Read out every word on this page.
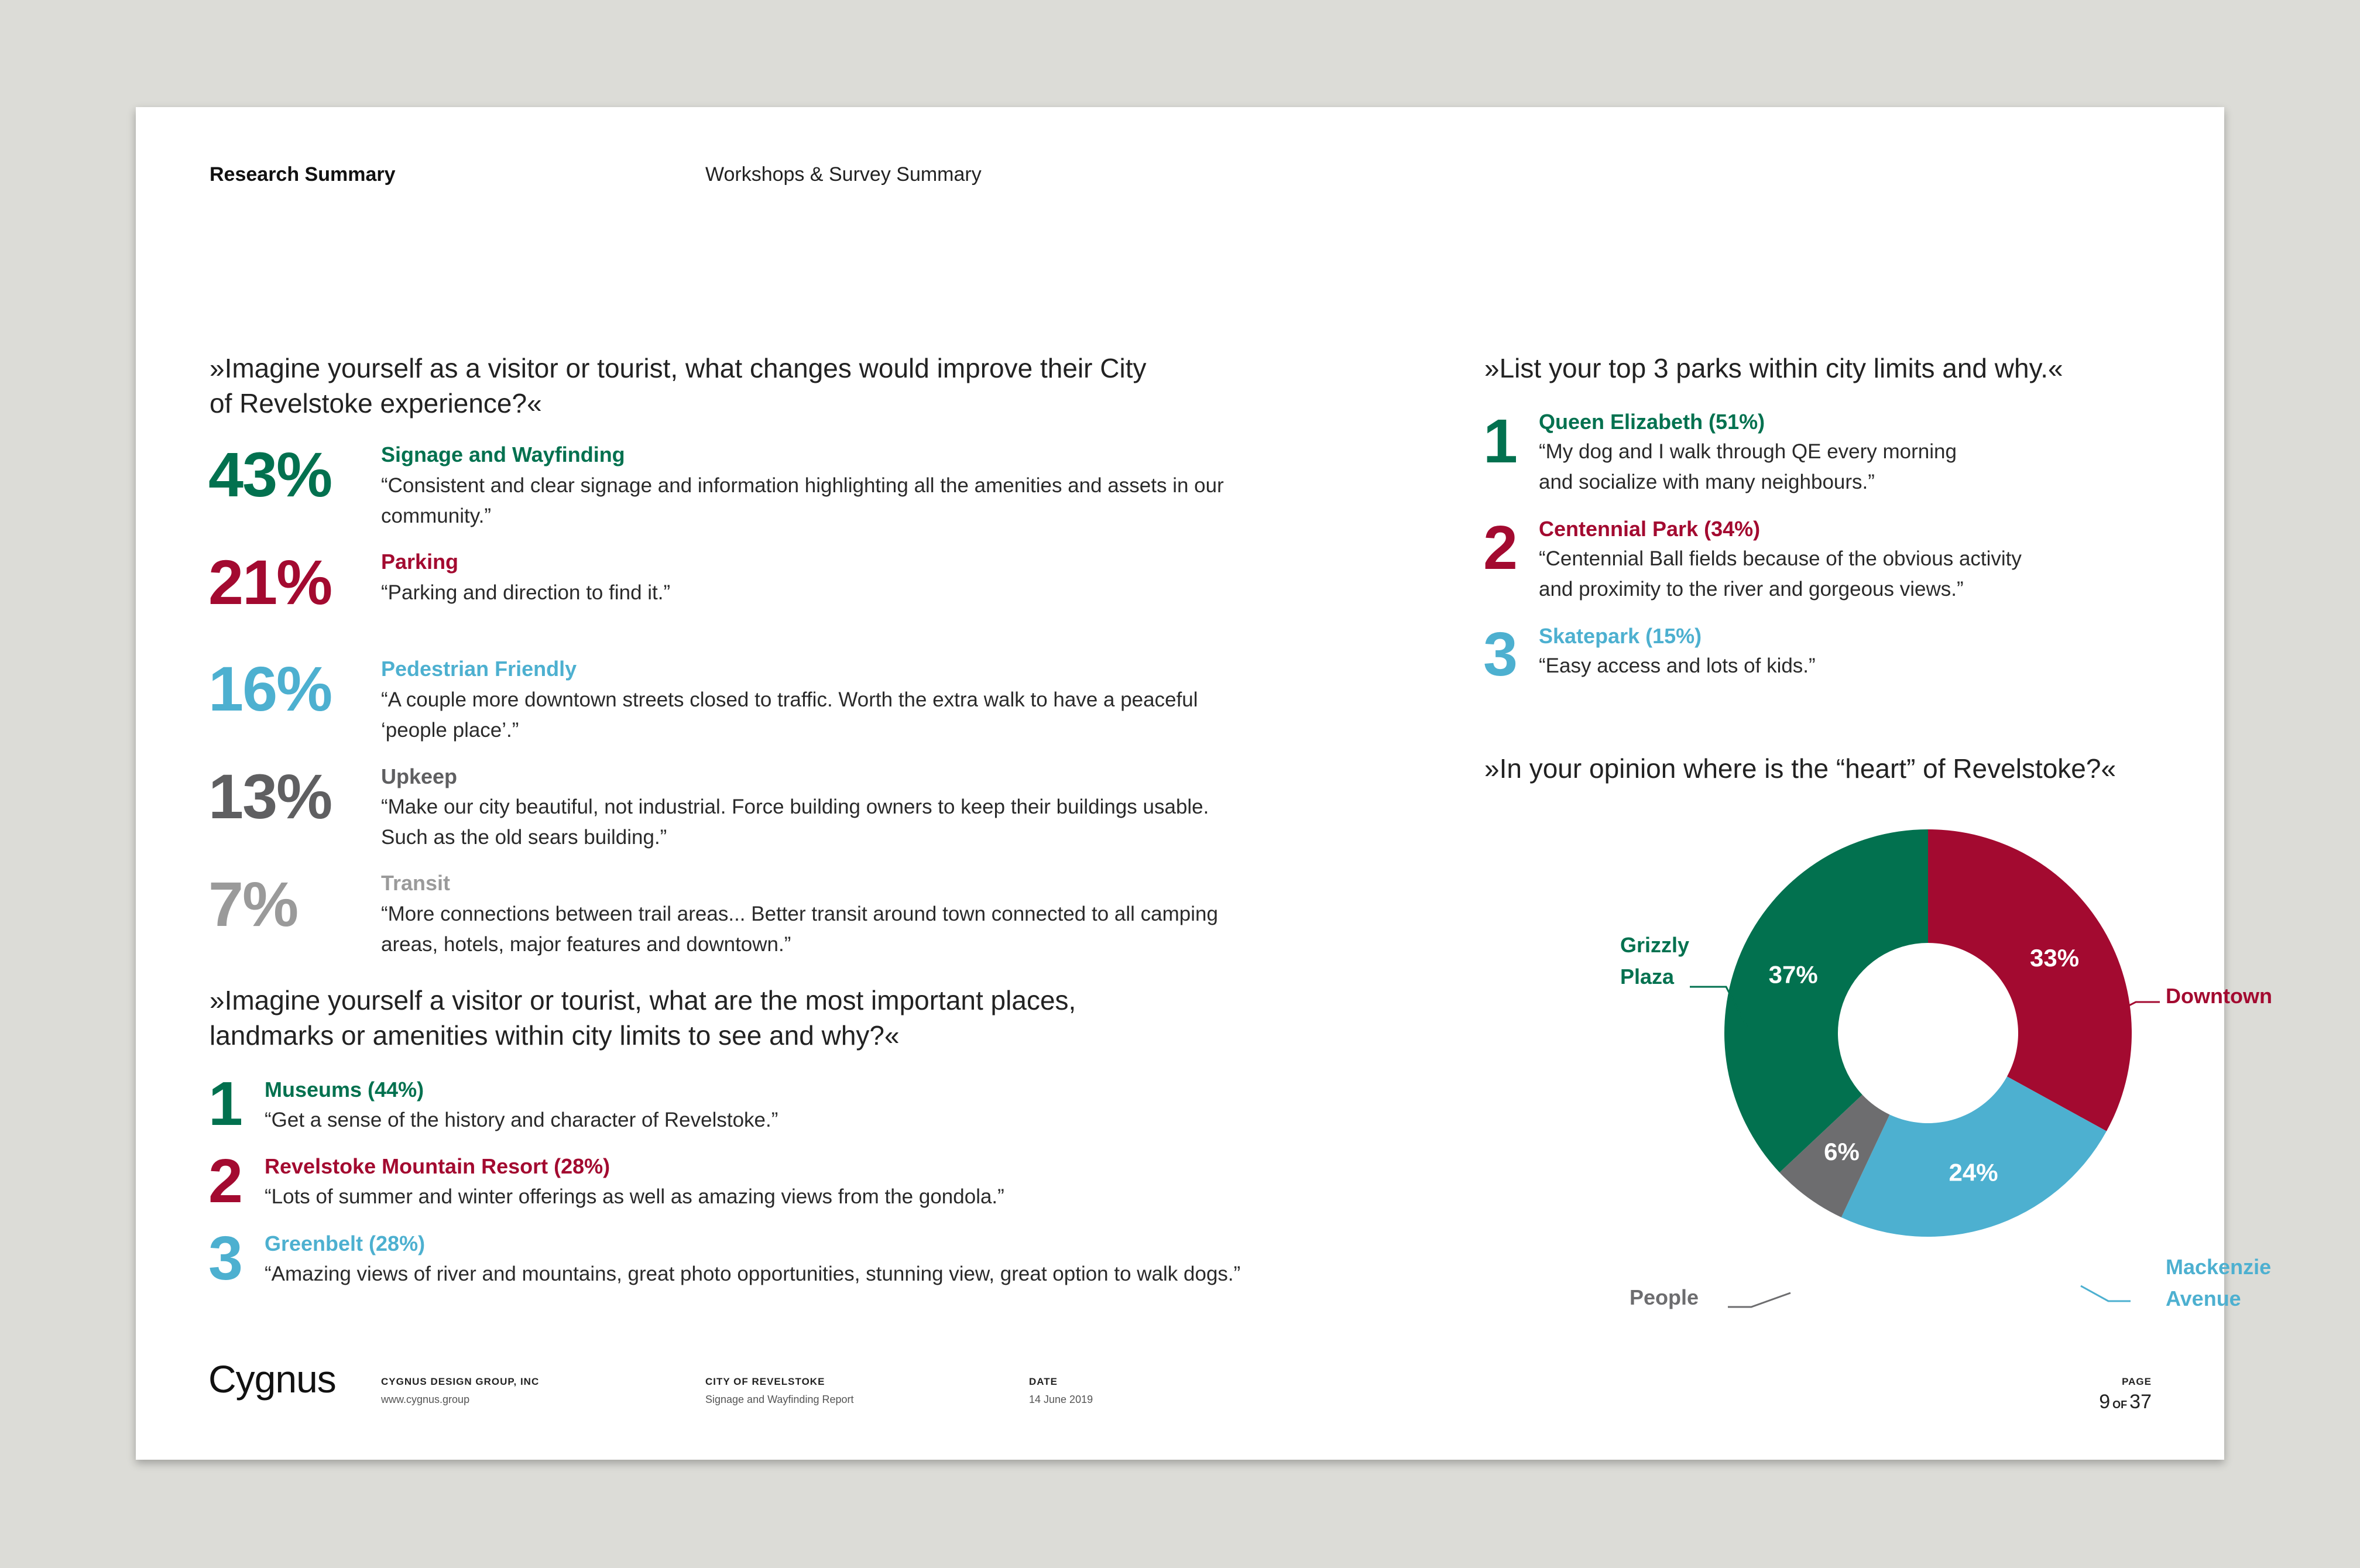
Research Summary	Workshops & Survey Summary
»Imagine yourself as a visitor or tourist, what changes would improve their City
of Revelstoke experience?«
43% Signage and Wayfinding
“Consistent and clear signage and information highlighting all the amenities and assets in our
community.”
21% Parking
“Parking and direction to find it.”
16% Pedestrian Friendly
“A couple more downtown streets closed to traffic. Worth the extra walk to have a peaceful
‘people place’.”
13% Upkeep
“Make our city beautiful, not industrial. Force building owners to keep their buildings usable.
Such as the old sears building.”
7%	Transit
“More connections between trail areas... Better transit around town connected to all camping
areas, hotels, major features and downtown.”
»Imagine yourself a visitor or tourist, what are the most important places,
landmarks or amenities within city limits to see and why?«
1 Museums (44%)
“Get a sense of the history and character of Revelstoke.”
2 Revelstoke Mountain Resort (28%)
“Lots of summer and winter offerings as well as amazing views from the gondola.”
3 Greenbelt (28%)
“Amazing views of river and mountains, great photo opportunities, stunning view, great option to walk dogs.”
»List your top 3 parks within city limits and why.«
1 Queen Elizabeth (51%)
“My dog and I walk through QE every morning
and socialize with many neighbours.”
2 Centennial Park (34%)
“Centennial Ball fields because of the obvious activity
and proximity to the river and gorgeous views.”
3 Skatepark (15%)
“Easy access and lots of kids.”
»In your opinion where is the “heart” of Revelstoke?«
33%
24%
6%
37%
Downtown
Mackenzie Avenue
People
Grizzly Plaza
Cygnus	CYGNUS DESIGN GROUP, INC
www.cygnus.group
CITY OF REVELSTOKE
Signage and Wayfinding Report
DATE
14 June 2019
PAGE
9 OF 37
